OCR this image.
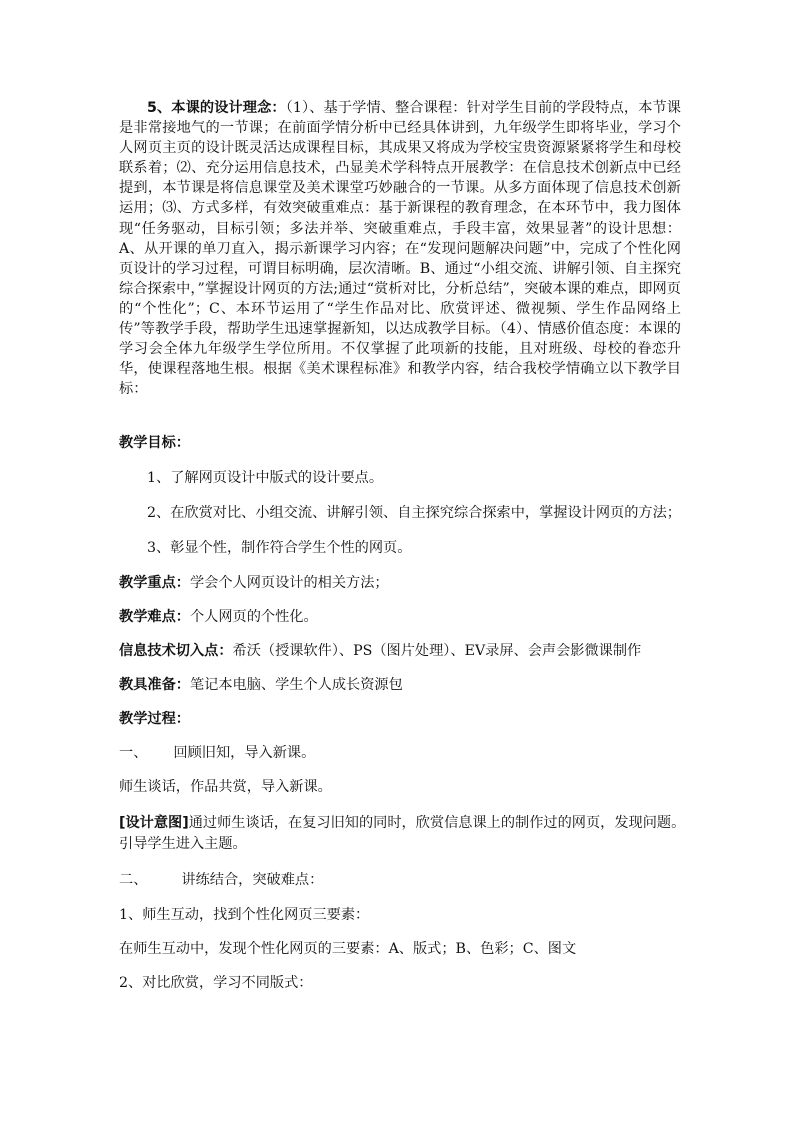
5、本课的设计理念：（1）、基于学情、整合课程：针对学生目前的学段特点，本节课是非常接地气的一节课；在前面学情分析中已经具体讲到，九年级学生即将毕业，学习个人网页主页的设计既灵活达成课程目标，其成果又将成为学校宝贵资源紧紧将学生和母校联系着；⑵、充分运用信息技术，凸显美术学科特点开展教学：在信息技术创新点中已经提到，本节课是将信息课堂及美术课堂巧妙融合的一节课。从多方面体现了信息技术创新运用；⑶、方式多样，有效突破重难点：基于新课程的教育理念，在本环节中，我力图体现“任务驱动，目标引领；多法并举、突破重难点，手段丰富，效果显著”的设计思想：A、从开课的单刀直入，揭示新课学习内容；在“发现问题解决问题”中，完成了个性化网页设计的学习过程，可谓目标明确，层次清晰。B、通过“小组交流、讲解引领、自主探究综合探索中，”掌握设计网页的方法;通过“赏析对比，分析总结”，突破本课的难点，即网页的“个性化”；C、本环节运用了“学生作品对比、欣赏评述、微视频、学生作品网络上传”等教学手段，帮助学生迅速掌握新知，以达成教学目标。（4）、情感价值态度：本课的学习会全体九年级学生学位所用。不仅掌握了此项新的技能，且对班级、母校的眷恋升华，使课程落地生根。根据《美术课程标准》和教学内容，结合我校学情确立以下教学目标：
教学目标：
1、了解网页设计中版式的设计要点。
2、在欣赏对比、小组交流、讲解引领、自主探究综合探索中，掌握设计网页的方法；
3、彰显个性，制作符合学生个性的网页。
教学重点：学会个人网页设计的相关方法；
教学难点：个人网页的个性化。
信息技术切入点：希沃（授课软件）、PS（图片处理）、EV录屏、会声会影微课制作
教具准备：笔记本电脑、学生个人成长资源包
教学过程：
一、 回顾旧知，导入新课。
师生谈话，作品共赏，导入新课。
[设计意图]通过师生谈话，在复习旧知的同时，欣赏信息课上的制作过的网页，发现问题。引导学生进入主题。
二、 讲练结合，突破难点：
1、师生互动，找到个性化网页三要素：
在师生互动中，发现个性化网页的三要素：A、版式；B、色彩；C、图文
2、对比欣赏，学习不同版式：
